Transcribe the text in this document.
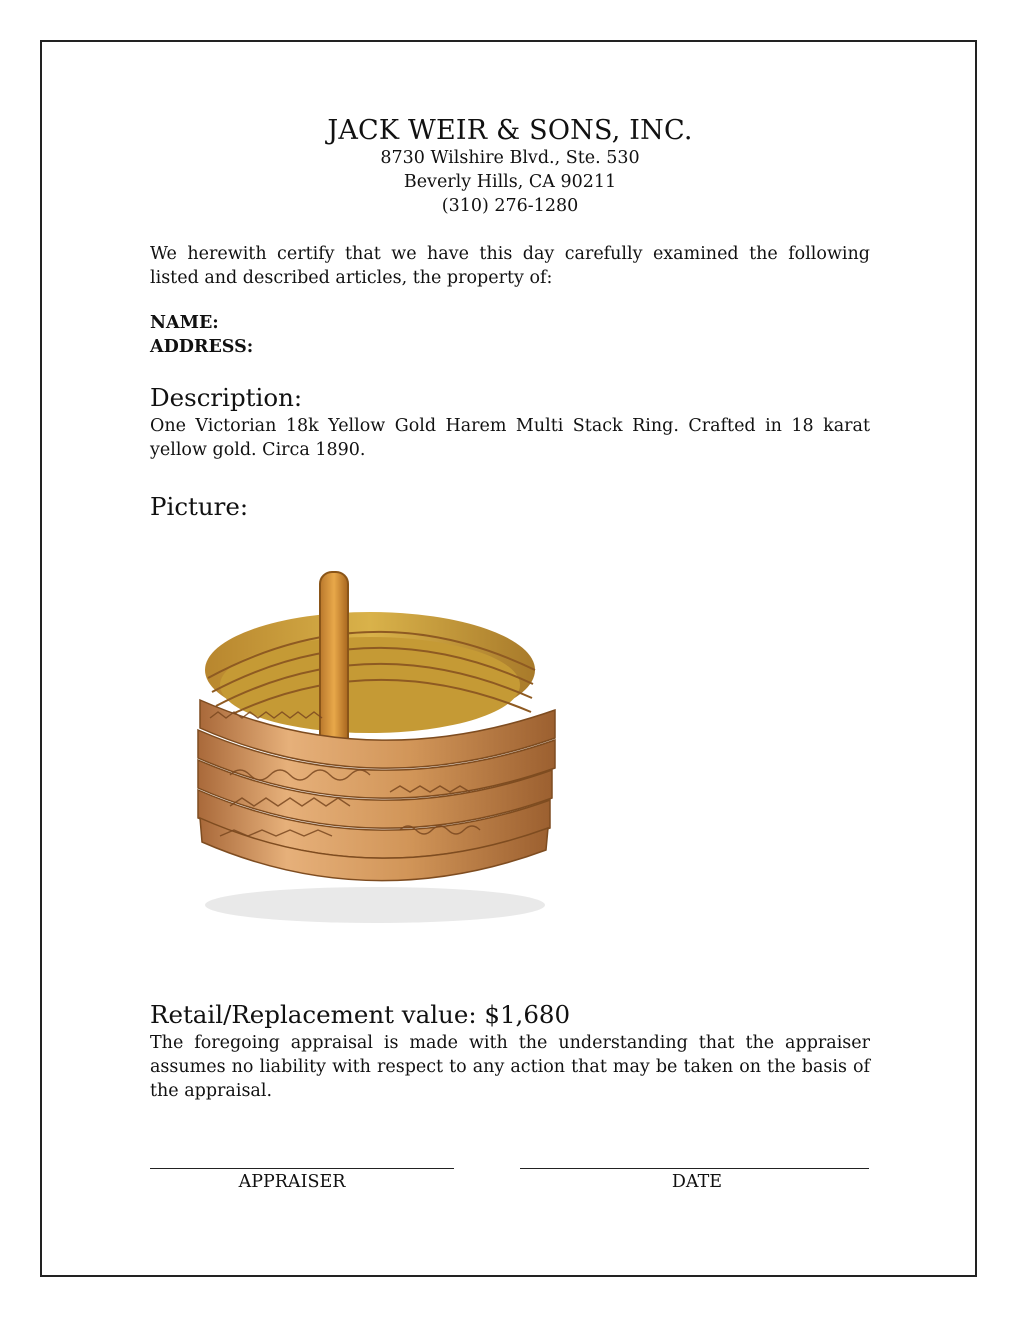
JACK WEIR & SONS, INC.
8730 Wilshire Blvd., Ste. 530
Beverly Hills, CA 90211
(310) 276-1280
We herewith certify that we have this day carefully examined the following listed and described articles, the property of:
NAME:
ADDRESS:
Description:
One Victorian 18k Yellow Gold Harem Multi Stack Ring. Crafted in 18 karat yellow gold. Circa 1890.
Picture:
Retail/Replacement value: $1,680
The foregoing appraisal is made with the understanding that the appraiser assumes no liability with respect to any action that may be taken on the basis of the appraisal.
APPRAISER	DATE
